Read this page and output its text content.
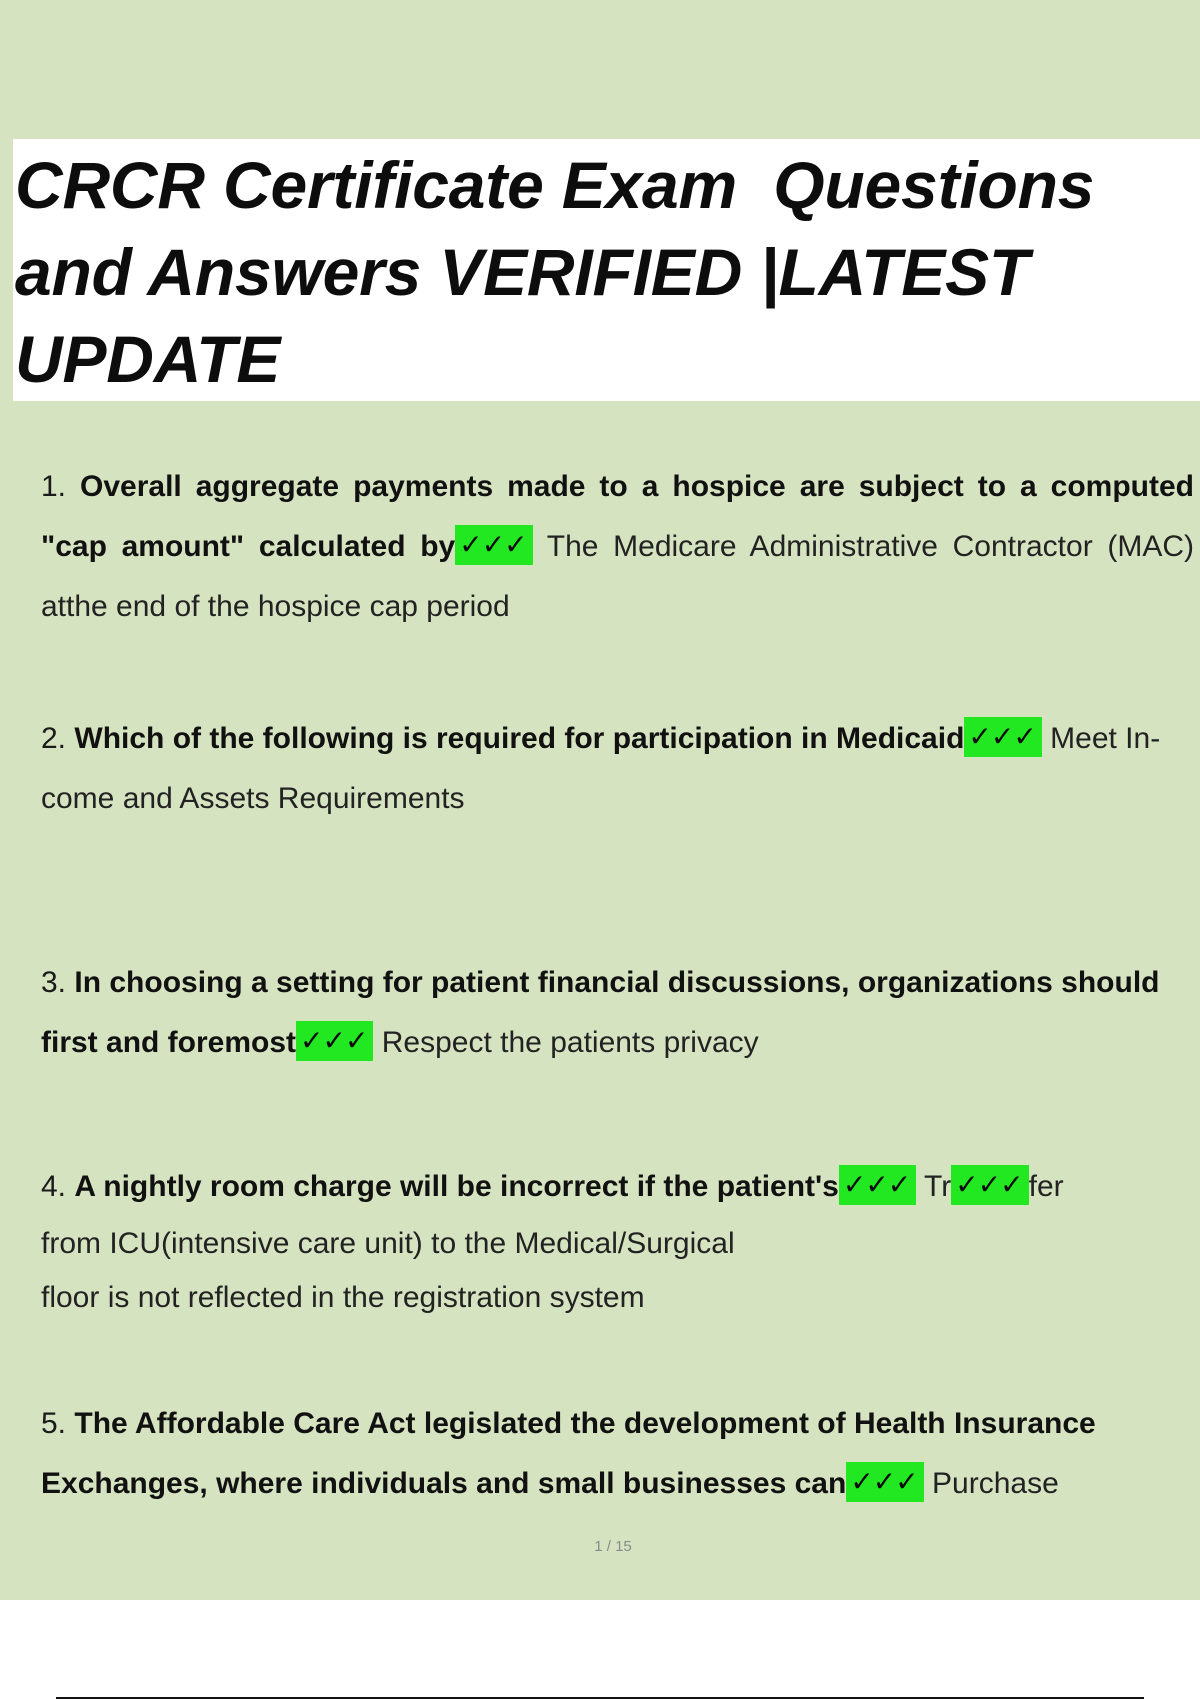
CRCR Certificate Exam  Questions and Answers VERIFIED |LATEST UPDATE

1. Overall aggregate payments made to a hospice are subject to a computed "cap amount" calculated by ✓✓✓ The Medicare Administrative Contractor (MAC) atthe end of the hospice cap period

2. Which of the following is required for participation in Medicaid ✓✓✓ Meet In-come and Assets Requirements

3. In choosing a setting for patient financial discussions, organizations should first and foremost ✓✓✓ Respect the patients privacy

4. A nightly room charge will be incorrect if the patient's ✓✓✓ Tr ✓✓✓ fer
from ICU(intensive care unit) to the Medical/Surgical
floor is not reflected in the registration system

5. The Affordable Care Act legislated the development of Health Insurance Exchanges, where individuals and small businesses can ✓✓✓ Purchase

1 / 15
